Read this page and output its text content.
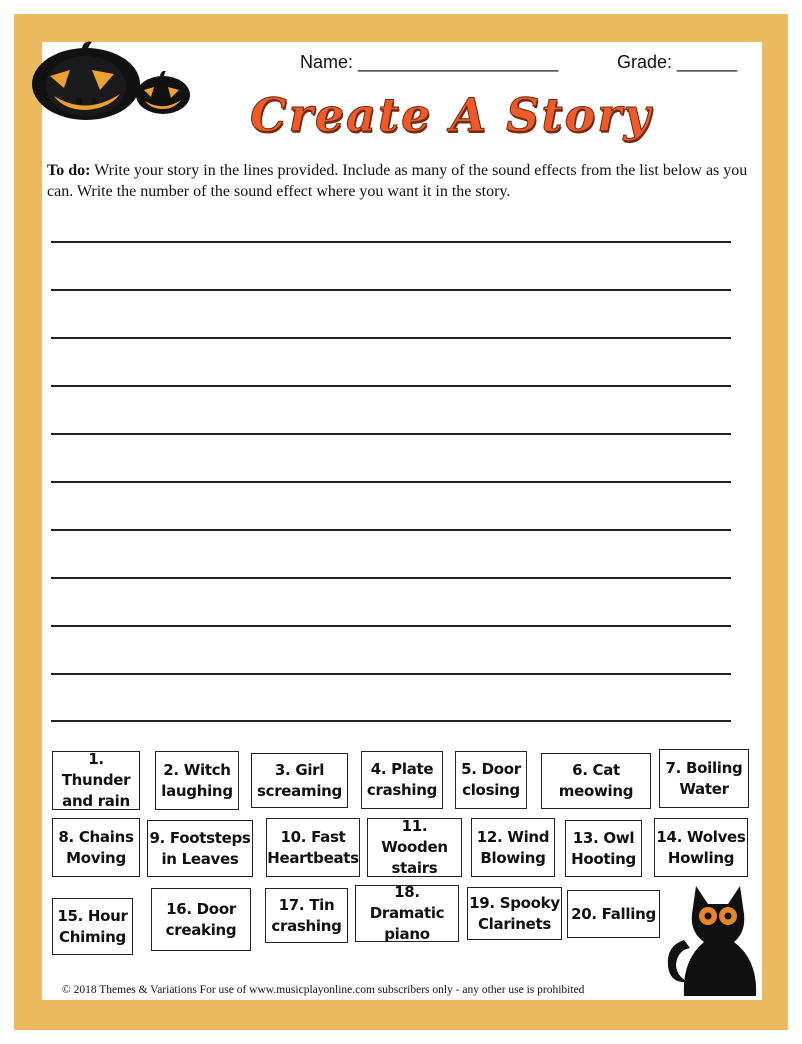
Name: ____________________	Grade: ______
Create A Story
To do: Write your story in the lines provided. Include as many of the sound effects from the list below as you can. Write the number of the sound effect where you want it in the story.
1. Thunder
and rain
2. Witch
laughing
3. Girl
screaming
4. Plate
crashing
5. Door
closing
6. Cat
meowing
7. Boiling
Water
8. Chains
Moving
9. Footsteps
in Leaves
10. Fast
Heartbeats
11. Wooden
stairs
12. Wind
Blowing
13. Owl
Hooting
14. Wolves
Howling
15. Hour
Chiming
16. Door
creaking
17. Tin
crashing
18. Dramatic
piano
19. Spooky
Clarinets
20. Falling
© 2018 Themes & Variations For use of www.musicplayonline.com subscribers only - any other use is prohibited
